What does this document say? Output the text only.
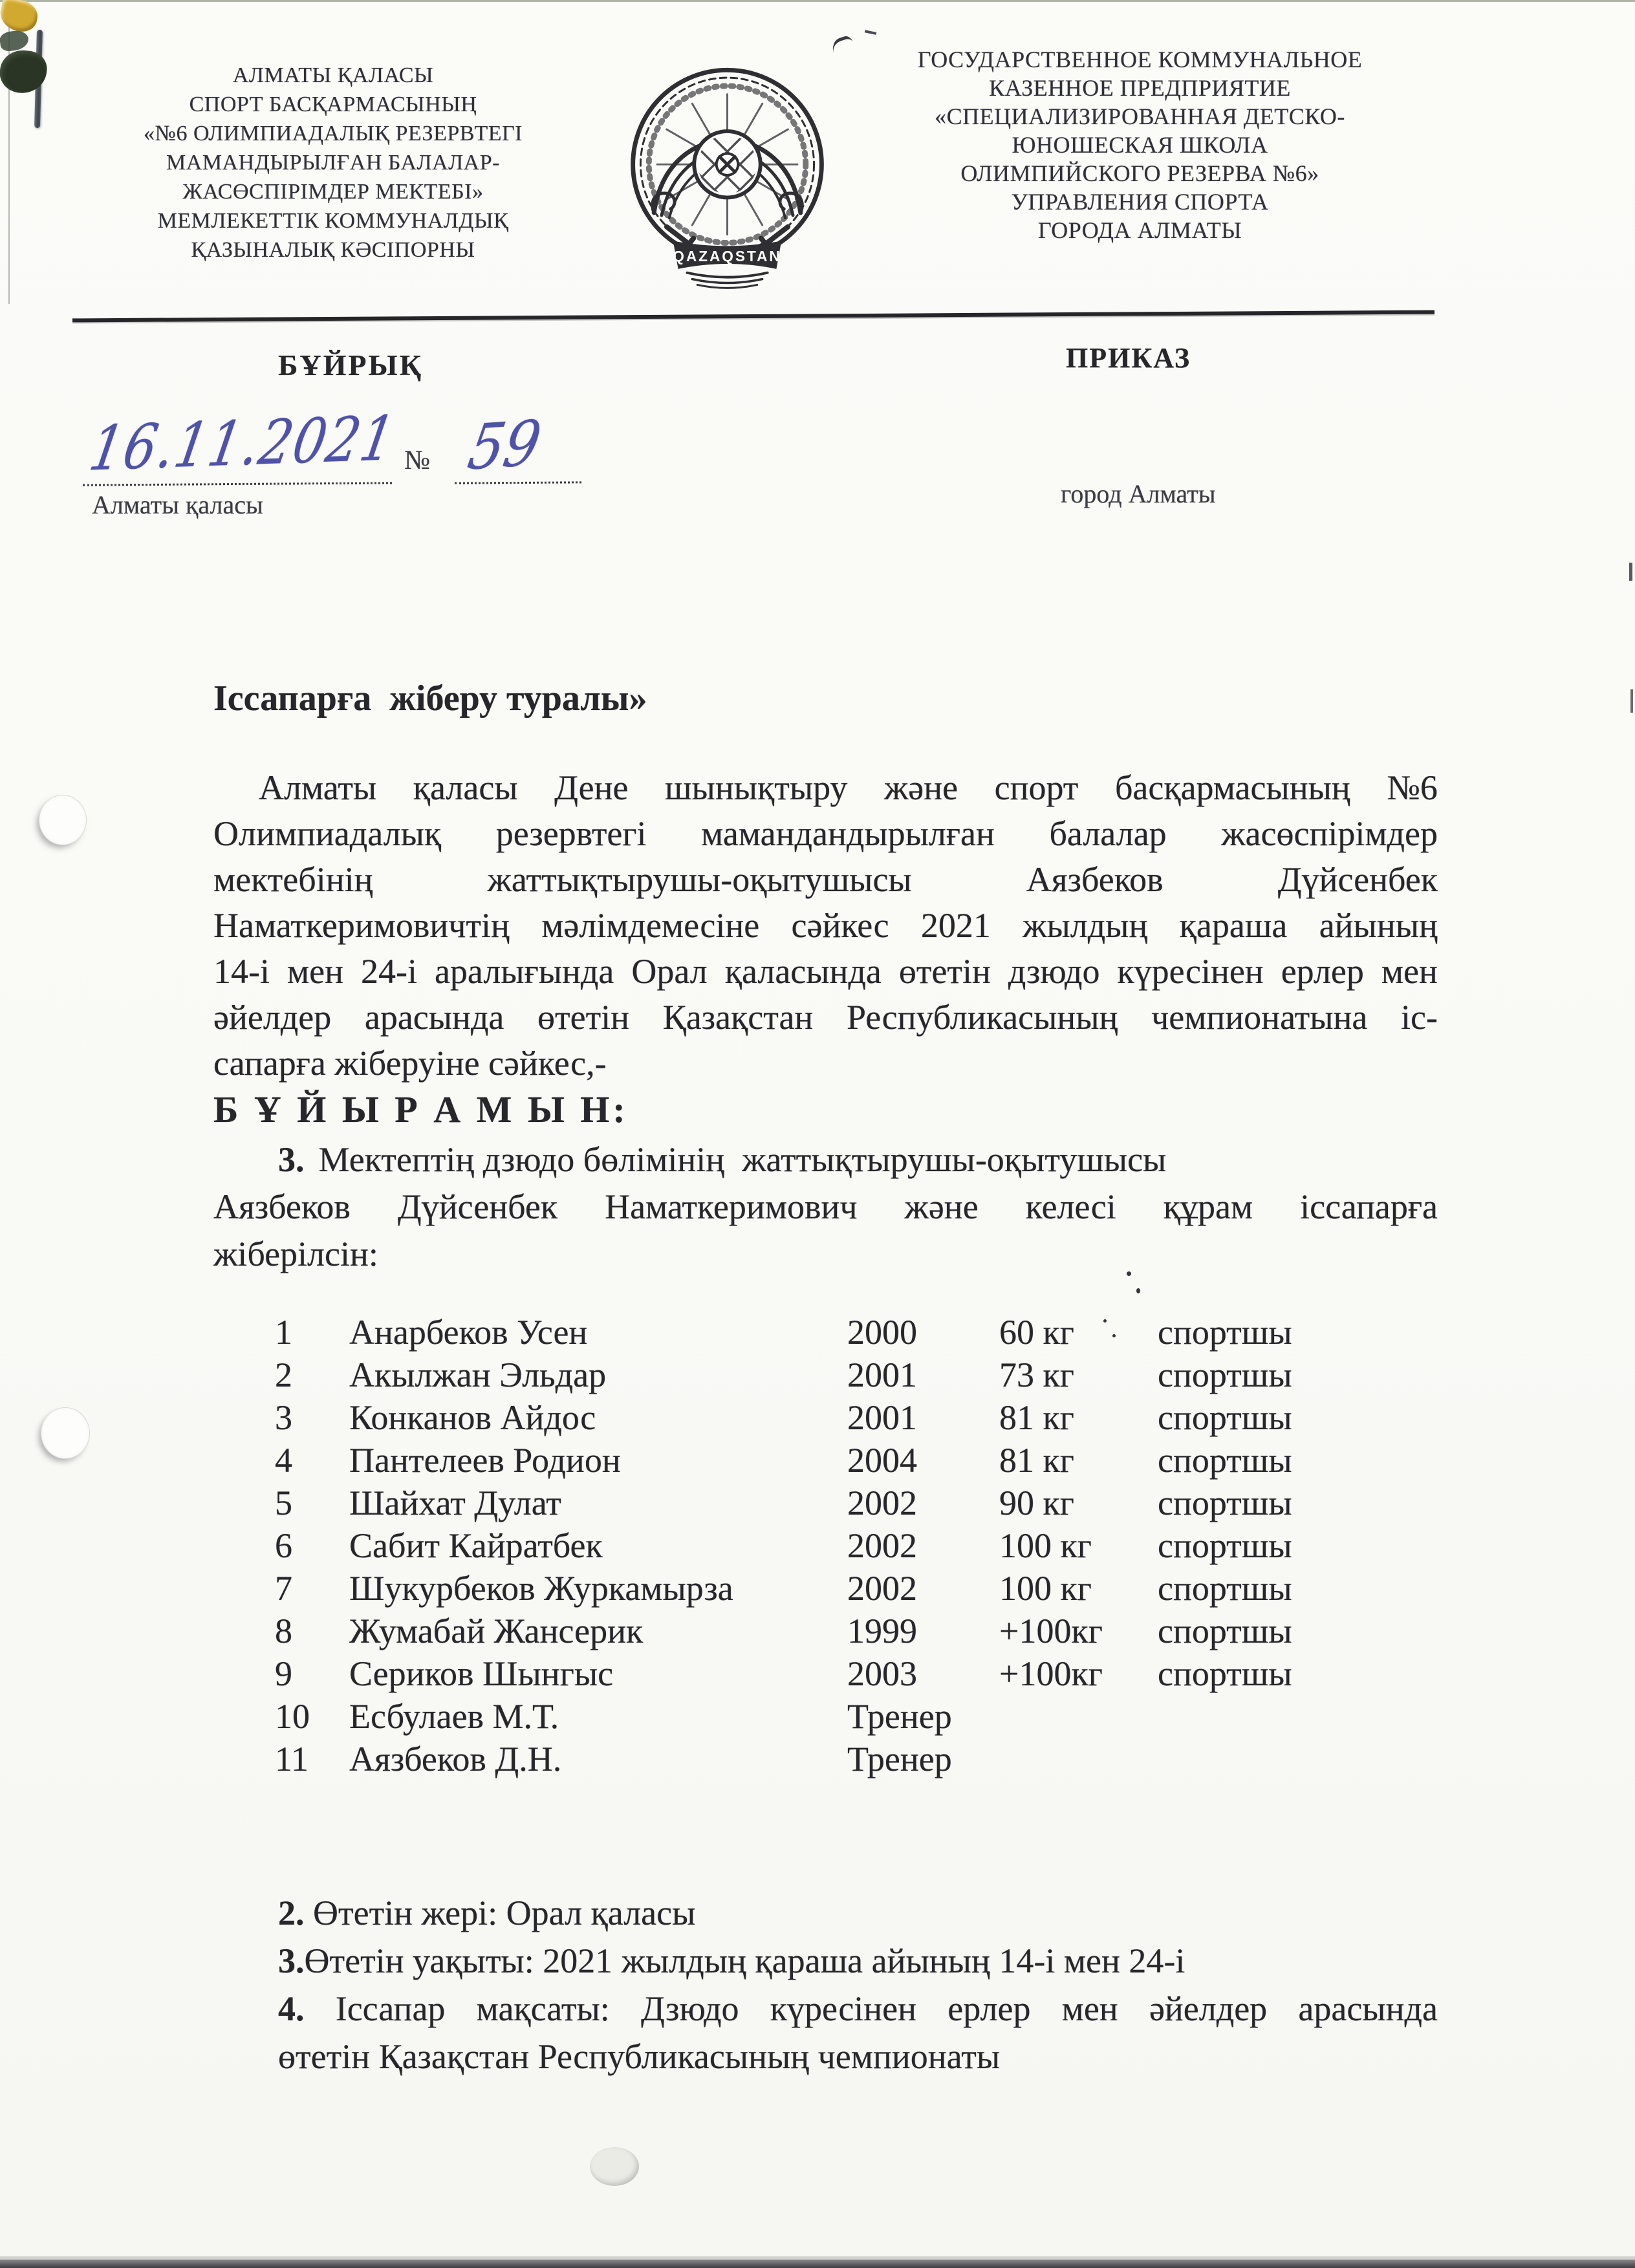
АЛМАТЫ ҚАЛАСЫ
СПОРТ БАСҚАРМАСЫНЫҢ
«№6 ОЛИМПИАДАЛЫҚ РЕЗЕРВТЕГІ
МАМАНДЫРЫЛҒАН БАЛАЛАР-
ЖАСӨСПІРІМДЕР МЕКТЕБІ»
МЕМЛЕКЕТТІК КОММУНАЛДЫҚ
ҚАЗЫНАЛЫҚ КӘСІПОРНЫ	QAZAQSTAN
ГОСУДАРСТВЕННОЕ КОММУНАЛЬНОЕ
КАЗЕННОЕ ПРЕДПРИЯТИЕ
«СПЕЦИАЛИЗИРОВАННАЯ ДЕТСКО-
ЮНОШЕСКАЯ ШКОЛА
ОЛИМПИЙСКОГО РЕЗЕРВА №6»
УПРАВЛЕНИЯ СПОРТА
ГОРОДА АЛМАТЫ
БҰЙРЫҚ	ПРИКАЗ
16.11.2021 № 59
Алматы қаласы	город Алматы
Іссапарға  жіберу туралы»
Алматы қаласы Дене шынықтыру және спорт басқармасының №6
Олимпиадалық резервтегі мамандандырылған балалар жасөспірімдер
мектебінің	жаттықтырушы-оқытушысы	Аязбеков	Дүйсенбек
Наматкеримовичтің мәлімдемесіне сәйкес 2021 жылдың қараша айының
14-і мен 24-і аралығында Орал қаласында өтетін дзюдо күресінен ерлер мен
әйелдер арасында өтетін Қазақстан Республикасының чемпионатына іс-
сапарға жіберуіне сәйкес,-
Б Ұ Й Ы Р А М Ы Н:
3. Мектептің дзюдо бөлімінің  жаттықтырушы-оқытушысы
Аязбеков Дүйсенбек Наматкеримович және келесі құрам іссапарға
жіберілсін:
1 Анарбеков Усен	2000 60 кг спортшы
2 Акылжан Эльдар	2001 73 кг спортшы
3 Конканов Айдос	2001 81 кг спортшы
4 Пантелеев Родион	2004 81 кг спортшы
5 Шайхат Дулат	2002 90 кг спортшы
6 Сабит Кайратбек	2002 100 кг спортшы
7 Шукурбеков Журкамырза	2002 100 кг спортшы
8 Жумабай Жансерик	1999 +100кг спортшы
9 Сериков Шынгыс	2003 +100кг спортшы
10 Есбулаев М.Т.	Тренер
11 Аязбеков Д.Н.	Тренер
2. Өтетін жері: Орал қаласы
3.Өтетін уақыты: 2021 жылдың қараша айының 14-і мен 24-і
4. Іссапар мақсаты: Дзюдо күресінен ерлер мен әйелдер арасында
өтетін Қазақстан Республикасының чемпионаты
